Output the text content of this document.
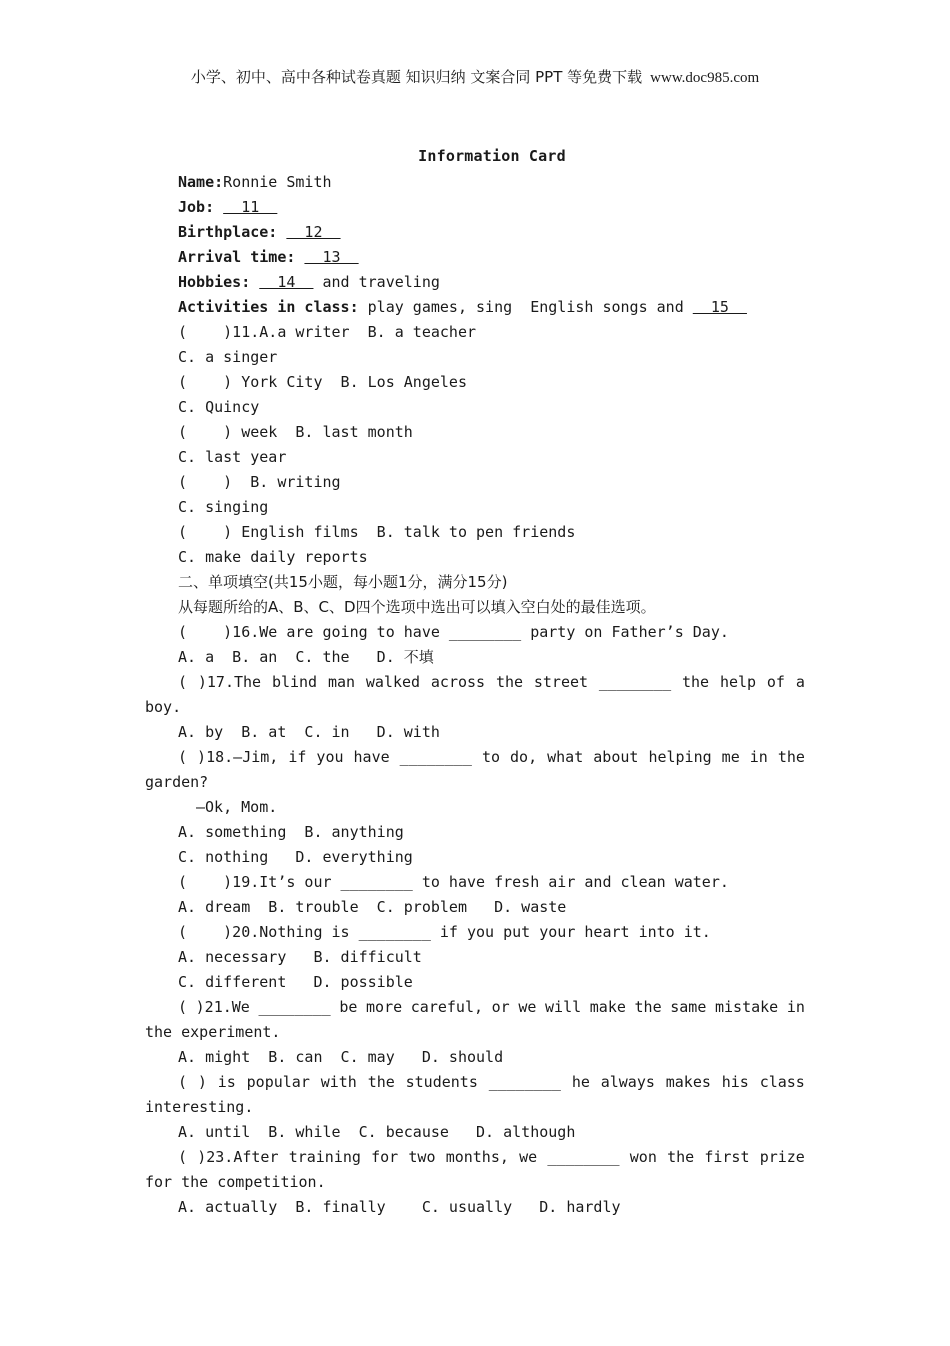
小学、初中、高中各种试卷真题 知识归纳 文案合同 PPT 等免费下载 www.doc985.com
Information Card
Name:Ronnie Smith
Job:   11
Birthplace:   12
Arrival time:   13
Hobbies:   14   and traveling
Activities in class: play games, sing  English songs and   15
(    )11.A.a writer  B. a teacher
C. a singer
(    ) York City  B. Los Angeles
C. Quincy
(    ) week  B. last month
C. last year
(    )  B. writing
C. singing
(    ) English films  B. talk to pen friends
C. make daily reports
二、单项填空(共15小题，每小题1分，满分15分)
从每题所给的A、B、C、D四个选项中选出可以填入空白处的最佳选项。
(    )16.We are going to have ________ party on Father’s Day.
A. a  B. an  C. the   D. 不填
( )17.The blind man walked across the street ________ the help of a
boy.
A. by  B. at  C. in   D. with
( )18.—Jim, if you have ________ to do, what about helping me in the
garden?
—Ok, Mom.
A. something  B. anything
C. nothing   D. everything
(    )19.It’s our ________ to have fresh air and clean water.
A. dream  B. trouble  C. problem   D. waste
(    )20.Nothing is ________ if you put your heart into it.
A. necessary   B. difficult
C. different   D. possible
( )21.We ________ be more careful, or we will make the same mistake in
the experiment.
A. might  B. can  C. may   D. should
( ) is popular with the students ________ he always makes his class
interesting.
A. until  B. while  C. because   D. although
( )23.After training for two months, we ________ won the first prize
for the competition.
A. actually  B. finally    C. usually   D. hardly
